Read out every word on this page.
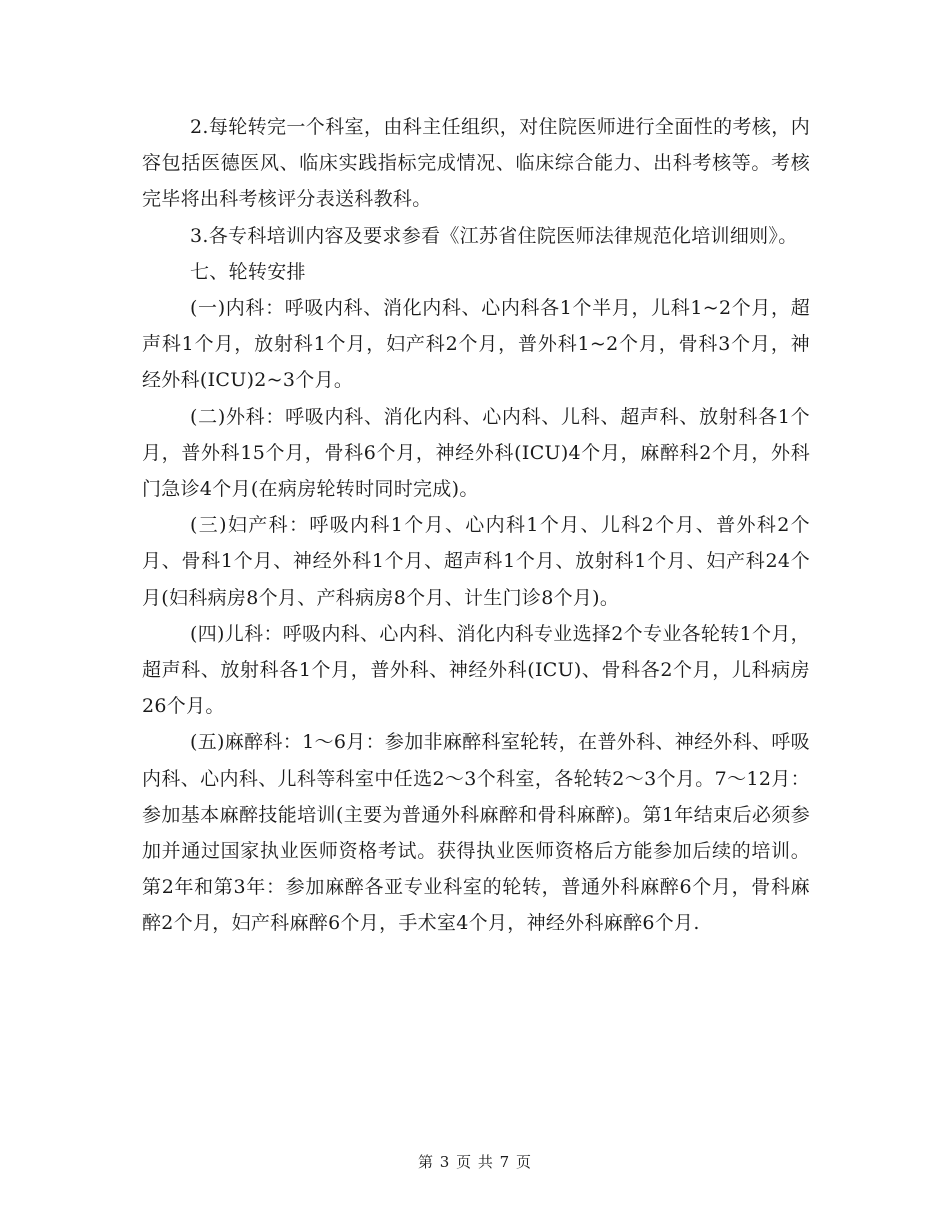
2.每轮转完一个科室，由科主任组织，对住院医师进行全面性的考核，内容包括医德医风、临床实践指标完成情况、临床综合能力、出科考核等。考核完毕将出科考核评分表送科教科。

3.各专科培训内容及要求参看《江苏省住院医师法律规范化培训细则》。

七、轮转安排

(一)内科：呼吸内科、消化内科、心内科各1个半月，儿科1~2个月，超声科1个月，放射科1个月，妇产科2个月，普外科1~2个月，骨科3个月，神经外科(ICU)2~3个月。

(二)外科：呼吸内科、消化内科、心内科、儿科、超声科、放射科各1个月，普外科15个月，骨科6个月，神经外科(ICU)4个月，麻醉科2个月，外科门急诊4个月(在病房轮转时同时完成)。

(三)妇产科：呼吸内科1个月、心内科1个月、儿科2个月、普外科2个月、骨科1个月、神经外科1个月、超声科1个月、放射科1个月、妇产科24个月(妇科病房8个月、产科病房8个月、计生门诊8个月)。

(四)儿科：呼吸内科、心内科、消化内科专业选择2个专业各轮转1个月，超声科、放射科各1个月，普外科、神经外科(ICU)、骨科各2个月，儿科病房26个月。

(五)麻醉科：1～6月：参加非麻醉科室轮转，在普外科、神经外科、呼吸内科、心内科、儿科等科室中任选2～3个科室，各轮转2～3个月。7～12月：参加基本麻醉技能培训(主要为普通外科麻醉和骨科麻醉)。第1年结束后必须参加并通过国家执业医师资格考试。获得执业医师资格后方能参加后续的培训。第2年和第3年：参加麻醉各亚专业科室的轮转，普通外科麻醉6个月，骨科麻醉2个月，妇产科麻醉6个月，手术室4个月，神经外科麻醉6个月.

第 3 页 共 7 页
